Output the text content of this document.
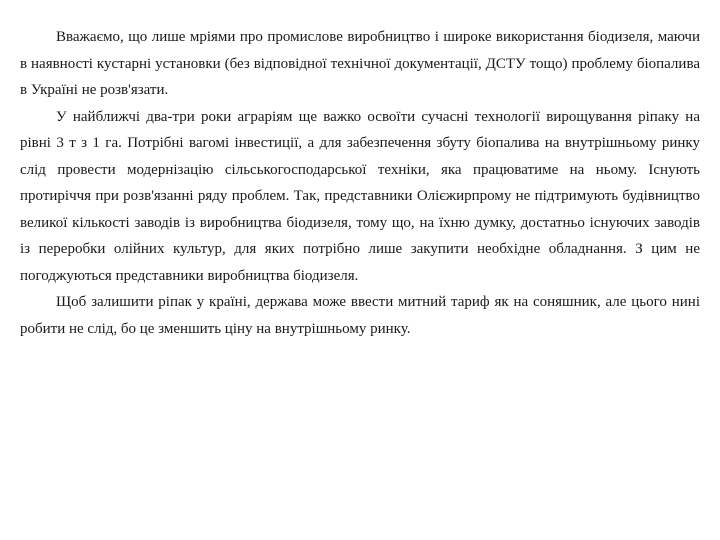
Вважаємо, що лише мріями про промислове виробництво і широке використання біодизеля, маючи в наявності кустарні установки (без відповідної технічної документації, ДСТУ тощо) проблему біопалива в Україні не розв'язати.

У найближчі два-три роки аграріям ще важко освоїти сучасні технології вирощування ріпаку на рівні 3 т з 1 га. Потрібні вагомі інвестиції, а для забезпечення збуту біопалива на внутрішньому ринку слід провести модернізацію сільськогосподарської техніки, яка працюватиме на ньому. Існують протиріччя при розв'язанні ряду проблем. Так, представники Олієжирпрому не підтримують будівництво великої кількості заводів із виробництва біодизеля, тому що, на їхню думку, достатньо існуючих заводів із переробки олійних культур, для яких потрібно лише закупити необхідне обладнання. З цим не погоджуються представники виробництва біодизеля.

Щоб залишити ріпак у країні, держава може ввести митний тариф як на соняшник, але цього нині робити не слід, бо це зменшить ціну на внутрішньому ринку.
